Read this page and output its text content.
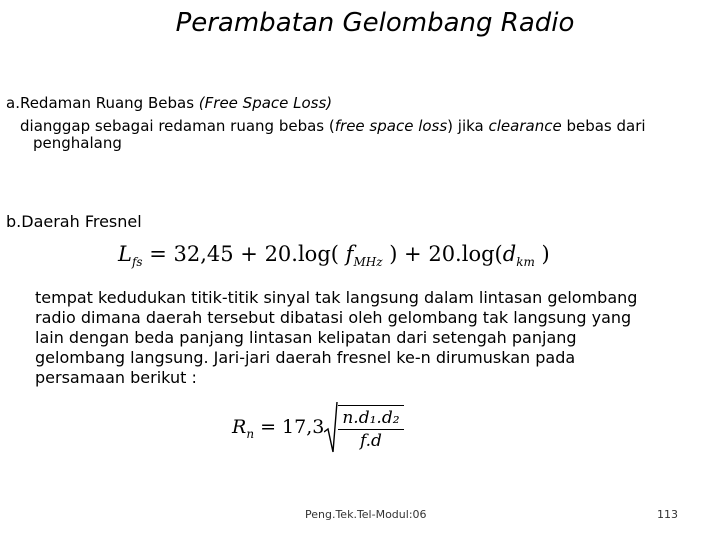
Perambatan Gelombang Radio
a.Redaman Ruang Bebas (Free Space Loss)
dianggap sebagai redaman ruang bebas (free space loss) jika clearance bebas dari
penghalang
b.Daerah Fresnel
$L_{fs} = 32,45 + 20.\log$( $f_{MHz}$ ) + $20.\log(d_{km}$ )
tempat kedudukan titik-titik sinyal tak langsung dalam lintasan gelombang
radio dimana daerah tersebut dibatasi oleh gelombang tak langsung yang
lain dengan beda panjang lintasan kelipatan dari setengah panjang
gelombang langsung. Jari-jari daerah fresnel ke-n dirumuskan pada
persamaan berikut :
$R_n = 17,3 \frac{\text{n.d₁.d₂}}{f.d}$
Peng.Tek.Tel-Modul:06	113
